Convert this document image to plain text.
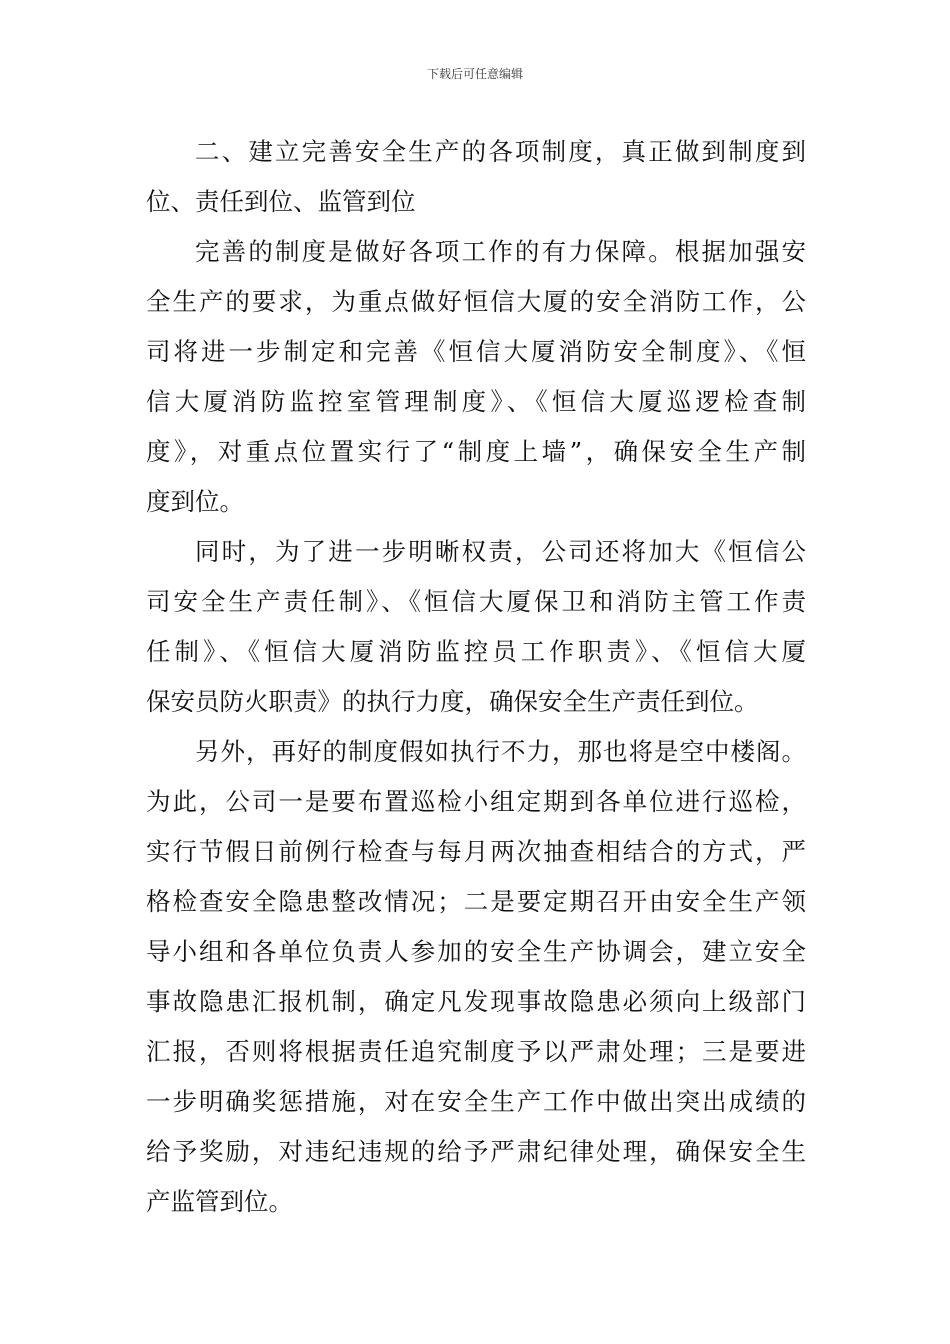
下载后可任意编辑
二、建立完善安全生产的各项制度，真正做到制度到
位、责任到位、监管到位
完善的制度是做好各项工作的有力保障。根据加强安
全生产的要求，为重点做好恒信大厦的安全消防工作，公
司将进一步制定和完善《恒信大厦消防安全制度》、《恒
信大厦消防监控室管理制度》、《恒信大厦巡逻检查制
度》，对重点位置实行了“制度上墙”，确保安全生产制
度到位。
同时，为了进一步明晰权责，公司还将加大《恒信公
司安全生产责任制》、《恒信大厦保卫和消防主管工作责
任制》、《恒信大厦消防监控员工作职责》、《恒信大厦
保安员防火职责》的执行力度，确保安全生产责任到位。
另外，再好的制度假如执行不力，那也将是空中楼阁。
为此，公司一是要布置巡检小组定期到各单位进行巡检，
实行节假日前例行检查与每月两次抽查相结合的方式，严
格检查安全隐患整改情况；二是要定期召开由安全生产领
导小组和各单位负责人参加的安全生产协调会，建立安全
事故隐患汇报机制，确定凡发现事故隐患必须向上级部门
汇报，否则将根据责任追究制度予以严肃处理；三是要进
一步明确奖惩措施，对在安全生产工作中做出突出成绩的
给予奖励，对违纪违规的给予严肃纪律处理，确保安全生
产监管到位。
